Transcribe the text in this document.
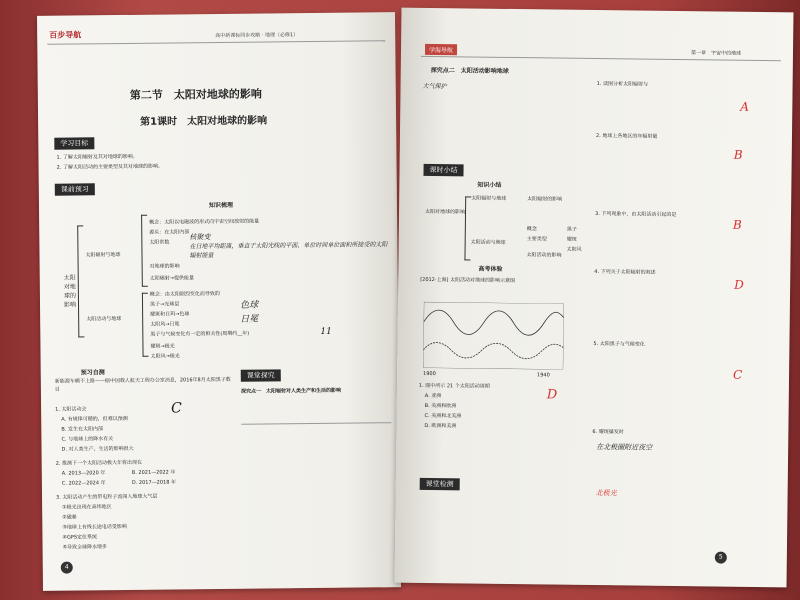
百步导航	高中新课标同步攻略 · 地理（必修1）
第二节　太阳对地球的影响
第1课时　太阳对地球的影响
学习目标
1. 了解太阳辐射及其对地球的影响。
2. 了解太阳活动的主要类型及其对地球的影响。
课前预习
知识梳理
太阳对地球的影响
太阳辐射与地球
太阳活动与地球
概念：太阳以电磁波的形式向宇宙空间放射的能量
源头：在太阳内部
太阳常数
对地球的影响
太阳辐射→提供能量
概念：由太阳剧烈变化而导致的
黑子→光球层
耀斑和日珥→色球
太阳风→日冕
黑子与气候变化有一定的相关性(周期约__年)
耀斑→极光
太阳风→极光
核聚变
在日地平均距离，垂直于太阳光线的平面，单位时间单位面积所接受的太阳辐射能量
色球
日冕
11
预习自测
新能源车辆不上路——据中国载人航天工程办公室消息，2016年8月太阳黑子数目
1. 太阳活动会
A. 有规律可循的，但难以预测
B. 发生在太阳内部
C. 与地球上的降水有关
D. 对人类生产、生活的影响很大
C
2. 推测下一个太阳活动极大年将出现在
A. 2013—2020 年	B. 2021—2022 年
C. 2022—2024 年	D. 2017—2018 年
3. 太阳活动产生的带电粒子流闯入地球大气层
①极光出现在高纬地区
②磁暴
③地球上有线长途电话受影响
④GPS定位系统
⑤导致全球降水增多
课堂探究
探究点一　太阳辐射对人类生产和生活的影响
4
学海导航	第一章　宇宙中的地球
探究点二　太阳活动影响地球
大气保护
课时小结
知识小结
太阳对地球的影响
太阳辐射与地球
太阳活动与地球
太阳辐射的影响
概念
主要类型
太阳活动的影响
黑子
耀斑
太阳风
高考体验
[2012·上海] 太阳活动对地球的影响示意图
1900	1940
1. 图中所示 21 个太阳活动周期
A. 亚洲
B. 美洲和欧洲
C. 美洲和北美洲
D. 欧洲和美洲
D
课堂检测
1. 读图分析太阳辐射与
A
2. 地球上各地区的年辐射量
B
3. 下列现象中，由太阳活动引起的是
B
4. 下列关于太阳辐射的叙述
D
5. 太阳黑子与气候变化
C
6. 耀斑爆发时
在北极圈附近夜空
北极光
5
